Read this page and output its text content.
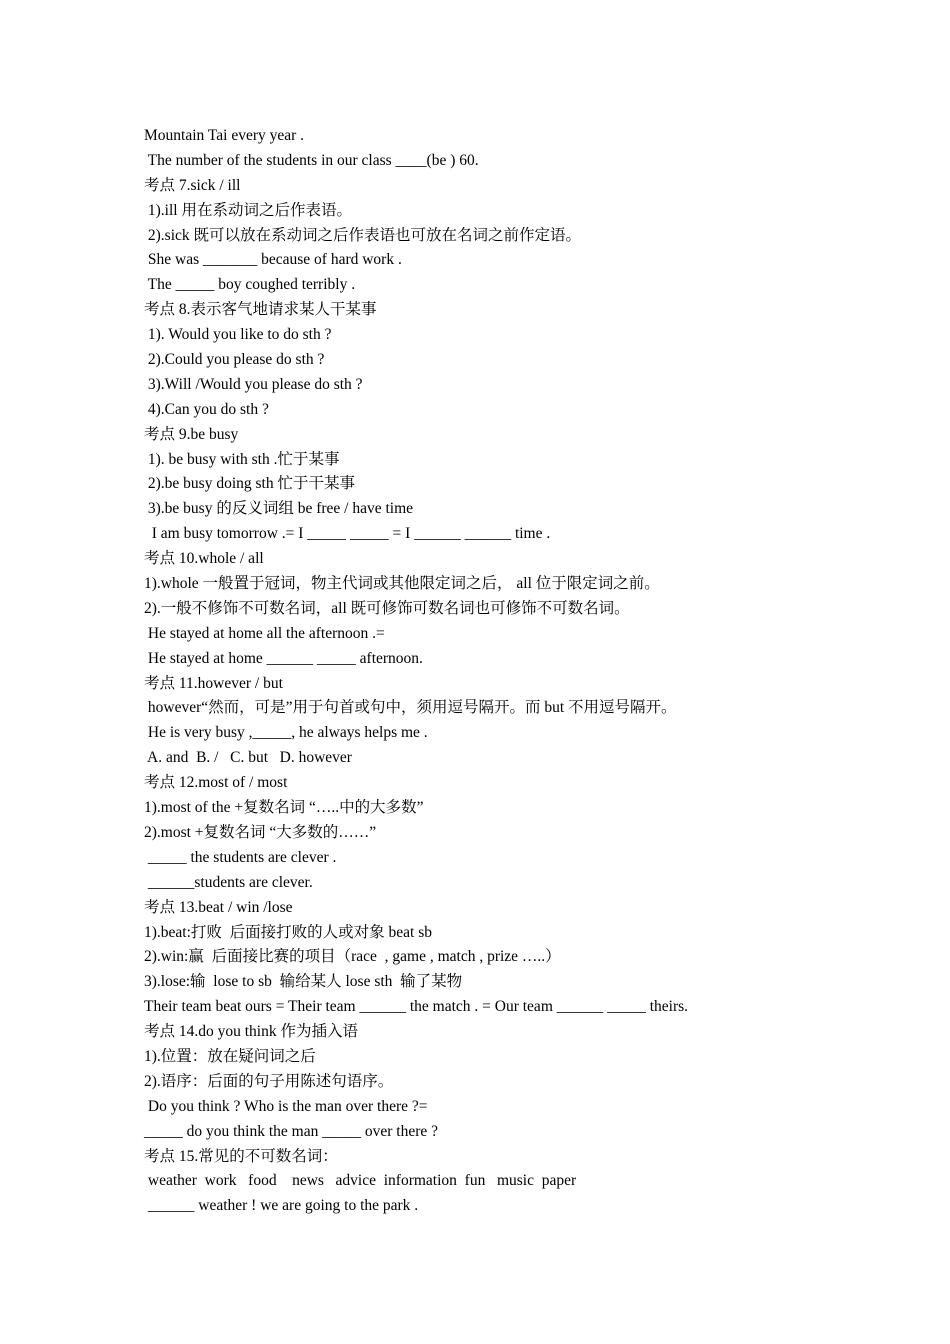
Mountain Tai every year .
The number of the students in our class ____(be ) 60.
考点 7.sick / ill
1).ill 用在系动词之后作表语。
2).sick 既可以放在系动词之后作表语也可放在名词之前作定语。
She was _______ because of hard work .
The _____ boy coughed terribly .
考点 8.表示客气地请求某人干某事
1). Would you like to do sth ?
2).Could you please do sth ?
3).Will /Would you please do sth ?
4).Can you do sth ?
考点 9.be busy
1). be busy with sth .忙于某事
2).be busy doing sth 忙于干某事
3).be busy 的反义词组 be free / have time
I am busy tomorrow .= I _____ _____ = I ______ ______ time .
考点 10.whole / all
1).whole 一般置于冠词，物主代词或其他限定词之后， all 位于限定词之前。
2).一般不修饰不可数名词，all 既可修饰可数名词也可修饰不可数名词。
He stayed at home all the afternoon .=
He stayed at home ______ _____ afternoon.
考点 11.however / but
however“然而，可是”用于句首或句中，须用逗号隔开。而 but 不用逗号隔开。
He is very busy ,_____, he always helps me .
A. and  B. /   C. but   D. however
考点 12.most of / most
1).most of the +复数名词 “…..中的大多数”
2).most +复数名词 “大多数的……”
_____ the students are clever .
______students are clever.
考点 13.beat / win /lose
1).beat:打败  后面接打败的人或对象 beat sb
2).win:赢  后面接比赛的项目（race  , game , match , prize …..）
3).lose:输  lose to sb  输给某人 lose sth  输了某物
Their team beat ours = Their team ______ the match . = Our team ______ _____ theirs.
考点 14.do you think 作为插入语
1).位置：放在疑问词之后
2).语序：后面的句子用陈述句语序。
Do you think ? Who is the man over there ?=
_____ do you think the man _____ over there ?
考点 15.常见的不可数名词：
weather  work   food    news   advice  information  fun   music  paper
______ weather ! we are going to the park .
